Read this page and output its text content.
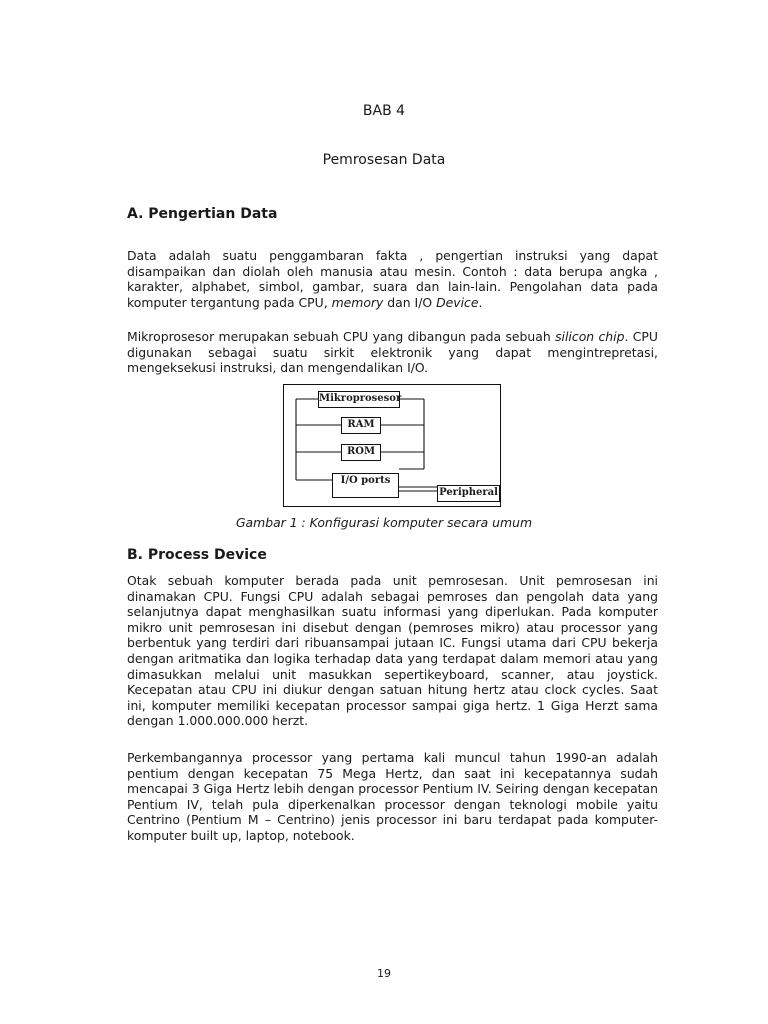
BAB 4
Pemrosesan Data
A. Pengertian Data
Data adalah suatu penggambaran fakta , pengertian instruksi yang dapat disampaikan dan diolah oleh manusia atau mesin. Contoh : data berupa angka , karakter, alphabet, simbol, gambar, suara dan lain-lain. Pengolahan data pada komputer tergantung pada CPU, memory dan I/O Device.
Mikroprosesor merupakan sebuah CPU yang dibangun pada sebuah silicon chip. CPU digunakan sebagai suatu sirkit elektronik yang dapat mengintrepretasi, mengeksekusi instruksi, dan mengendalikan I/O.
Mikroprosesor
RAM
ROM
I/O ports
Peripheral
Gambar 1 : Konfigurasi komputer secara umum
B. Process Device
Otak sebuah komputer berada pada unit pemrosesan. Unit pemrosesan ini dinamakan CPU. Fungsi CPU adalah sebagai pemroses dan pengolah data yang selanjutnya dapat menghasilkan suatu informasi yang diperlukan. Pada komputer mikro unit pemrosesan ini disebut dengan (pemroses mikro) atau processor yang berbentuk yang terdiri dari ribuansampai jutaan IC. Fungsi utama dari CPU bekerja dengan aritmatika dan logika terhadap data yang terdapat dalam memori atau yang dimasukkan melalui unit masukkan sepertikeyboard, scanner, atau joystick. Kecepatan atau CPU ini diukur dengan satuan hitung hertz atau clock cycles. Saat ini, komputer memiliki kecepatan processor sampai giga hertz. 1 Giga Herzt sama dengan 1.000.000.000 herzt.
Perkembangannya processor yang pertama kali muncul tahun 1990-an adalah pentium dengan kecepatan 75 Mega Hertz, dan saat ini kecepatannya sudah mencapai 3 Giga Hertz lebih dengan processor Pentium IV. Seiring dengan kecepatan Pentium IV, telah pula diperkenalkan processor dengan teknologi mobile yaitu Centrino (Pentium M – Centrino) jenis processor ini baru terdapat pada komputer-komputer built up, laptop, notebook.
19
